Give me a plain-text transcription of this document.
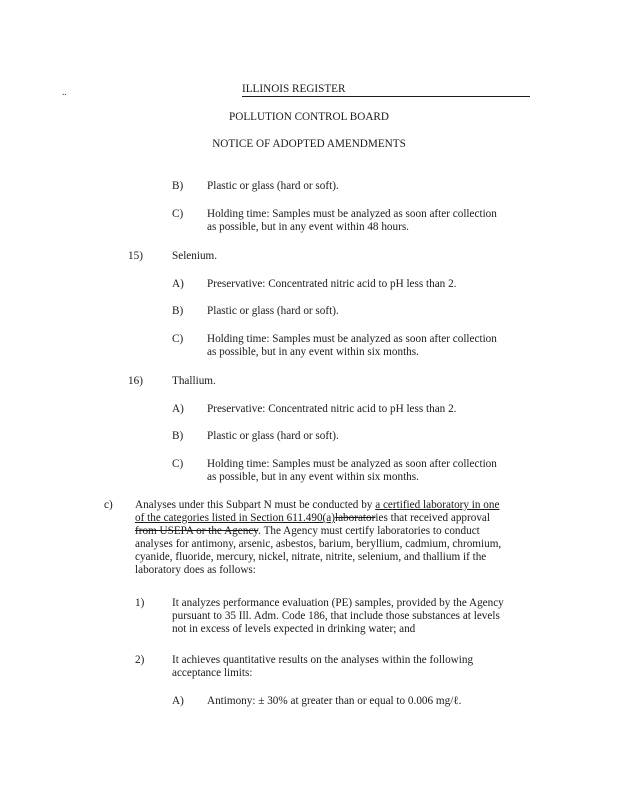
..	ILLINOIS REGISTER
POLLUTION CONTROL BOARD
NOTICE OF ADOPTED AMENDMENTS
B) Plastic or glass (hard or soft).
C) Holding time: Samples must be analyzed as soon after collection
as possible, but in any event within 48 hours.
15)	Selenium.
A) Preservative: Concentrated nitric acid to pH less than 2.
B) Plastic or glass (hard or soft).
C) Holding time: Samples must be analyzed as soon after collection
as possible, but in any event within six months.
16)	Thallium.
A) Preservative: Concentrated nitric acid to pH less than 2.
B) Plastic or glass (hard or soft).
C) Holding time: Samples must be analyzed as soon after collection
as possible, but in any event within six months.
c) Analyses under this Subpart N must be conducted by a certified laboratory in one
of the categories listed in Section 611.490(a)laboratories that received approval
from USEPA or the Agency. The Agency must certify laboratories to conduct
analyses for antimony, arsenic, asbestos, barium, beryllium, cadmium, chromium,
cyanide, fluoride, mercury, nickel, nitrate, nitrite, selenium, and thallium if the
laboratory does as follows:
1) It analyzes performance evaluation (PE) samples, provided by the Agency
pursuant to 35 Ill. Adm. Code 186, that include those substances at levels
not in excess of levels expected in drinking water; and
2) It achieves quantitative results on the analyses within the following
acceptance limits:
A) Antimony: ± 30% at greater than or equal to 0.006 mg/ℓ.
